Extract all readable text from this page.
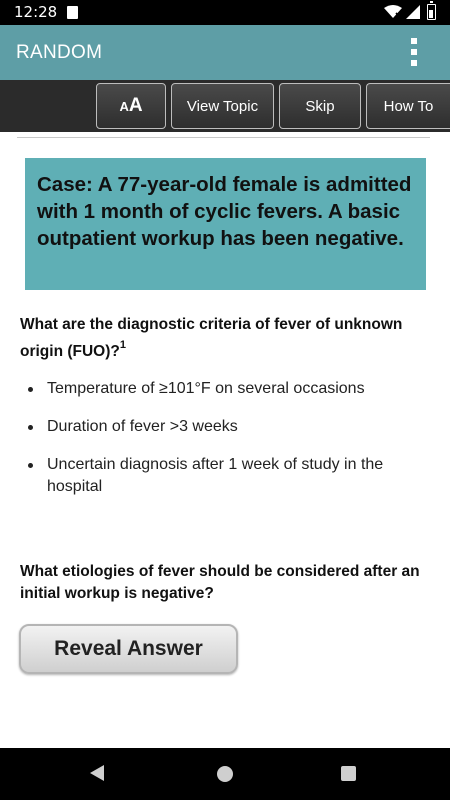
12:28
RANDOM
A A	View Topic	Skip	How To

Case: A 77-year-old female is admitted with 1 month of cyclic fevers. A basic outpatient workup has been negative.

What are the diagnostic criteria of fever of unknown origin (FUO)?$^1$

Temperature of ≥101°F on several occasions
Duration of fever >3 weeks
Uncertain diagnosis after 1 week of study in the hospital

What etiologies of fever should be considered after an initial workup is negative?

Reveal Answer
